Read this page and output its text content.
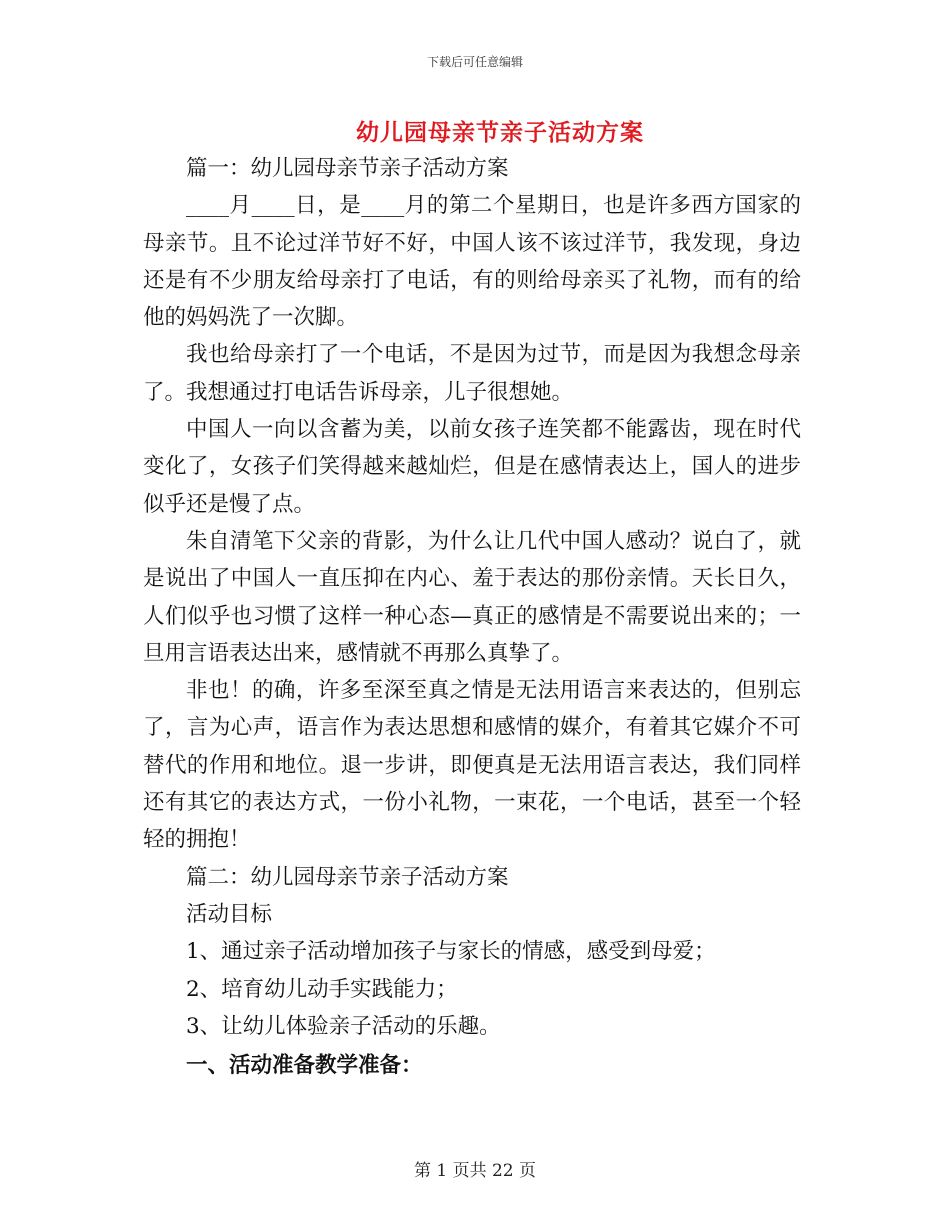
下载后可任意编辑
幼儿园母亲节亲子活动方案

篇一：幼儿园母亲节亲子活动方案

____月____日，是____月的第二个星期日，也是许多西方国家的母亲节。且不论过洋节好不好，中国人该不该过洋节，我发现，身边还是有不少朋友给母亲打了电话，有的则给母亲买了礼物，而有的给他的妈妈洗了一次脚。

我也给母亲打了一个电话，不是因为过节，而是因为我想念母亲了。我想通过打电话告诉母亲，儿子很想她。

中国人一向以含蓄为美，以前女孩子连笑都不能露齿，现在时代变化了，女孩子们笑得越来越灿烂，但是在感情表达上，国人的进步似乎还是慢了点。

朱自清笔下父亲的背影，为什么让几代中国人感动？说白了，就是说出了中国人一直压抑在内心、羞于表达的那份亲情。天长日久，人们似乎也习惯了这样一种心态—真正的感情是不需要说出来的；一旦用言语表达出来，感情就不再那么真挚了。

非也！的确，许多至深至真之情是无法用语言来表达的，但别忘了，言为心声，语言作为表达思想和感情的媒介，有着其它媒介不可替代的作用和地位。退一步讲，即便真是无法用语言表达，我们同样还有其它的表达方式，一份小礼物，一束花，一个电话，甚至一个轻轻的拥抱！

篇二：幼儿园母亲节亲子活动方案

活动目标

1、通过亲子活动增加孩子与家长的情感，感受到母爱；

2、培育幼儿动手实践能力；

3、让幼儿体验亲子活动的乐趣。

一、活动准备教学准备：

第 1 页共 22 页
